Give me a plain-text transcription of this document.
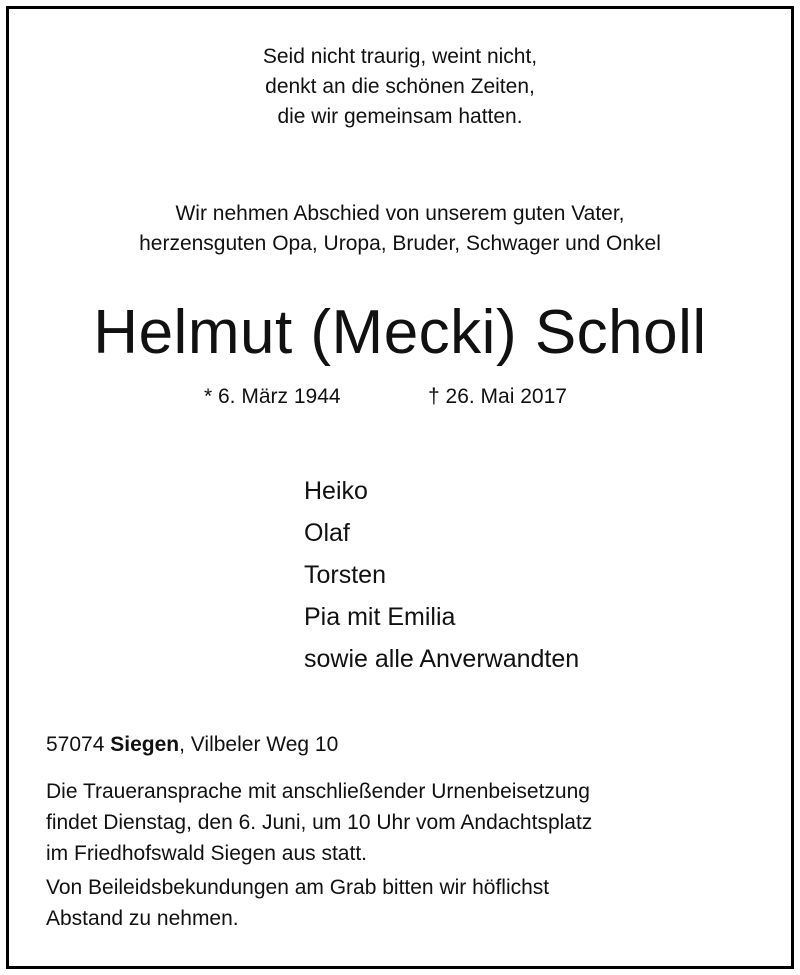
Seid nicht traurig, weint nicht,
denkt an die schönen Zeiten,
die wir gemeinsam hatten.
Wir nehmen Abschied von unserem guten Vater,
herzensguten Opa, Uropa, Bruder, Schwager und Onkel
Helmut (Mecki) Scholl
* 6. März 1944	† 26. Mai 2017
Heiko
Olaf
Torsten
Pia mit Emilia
sowie alle Anverwandten
57074 Siegen, Vilbeler Weg 10
Die Traueransprache mit anschließender Urnenbeisetzung
findet Dienstag, den 6. Juni, um 10 Uhr vom Andachtsplatz
im Friedhofswald Siegen aus statt.
Von Beileidsbekundungen am Grab bitten wir höflichst
Abstand zu nehmen.
